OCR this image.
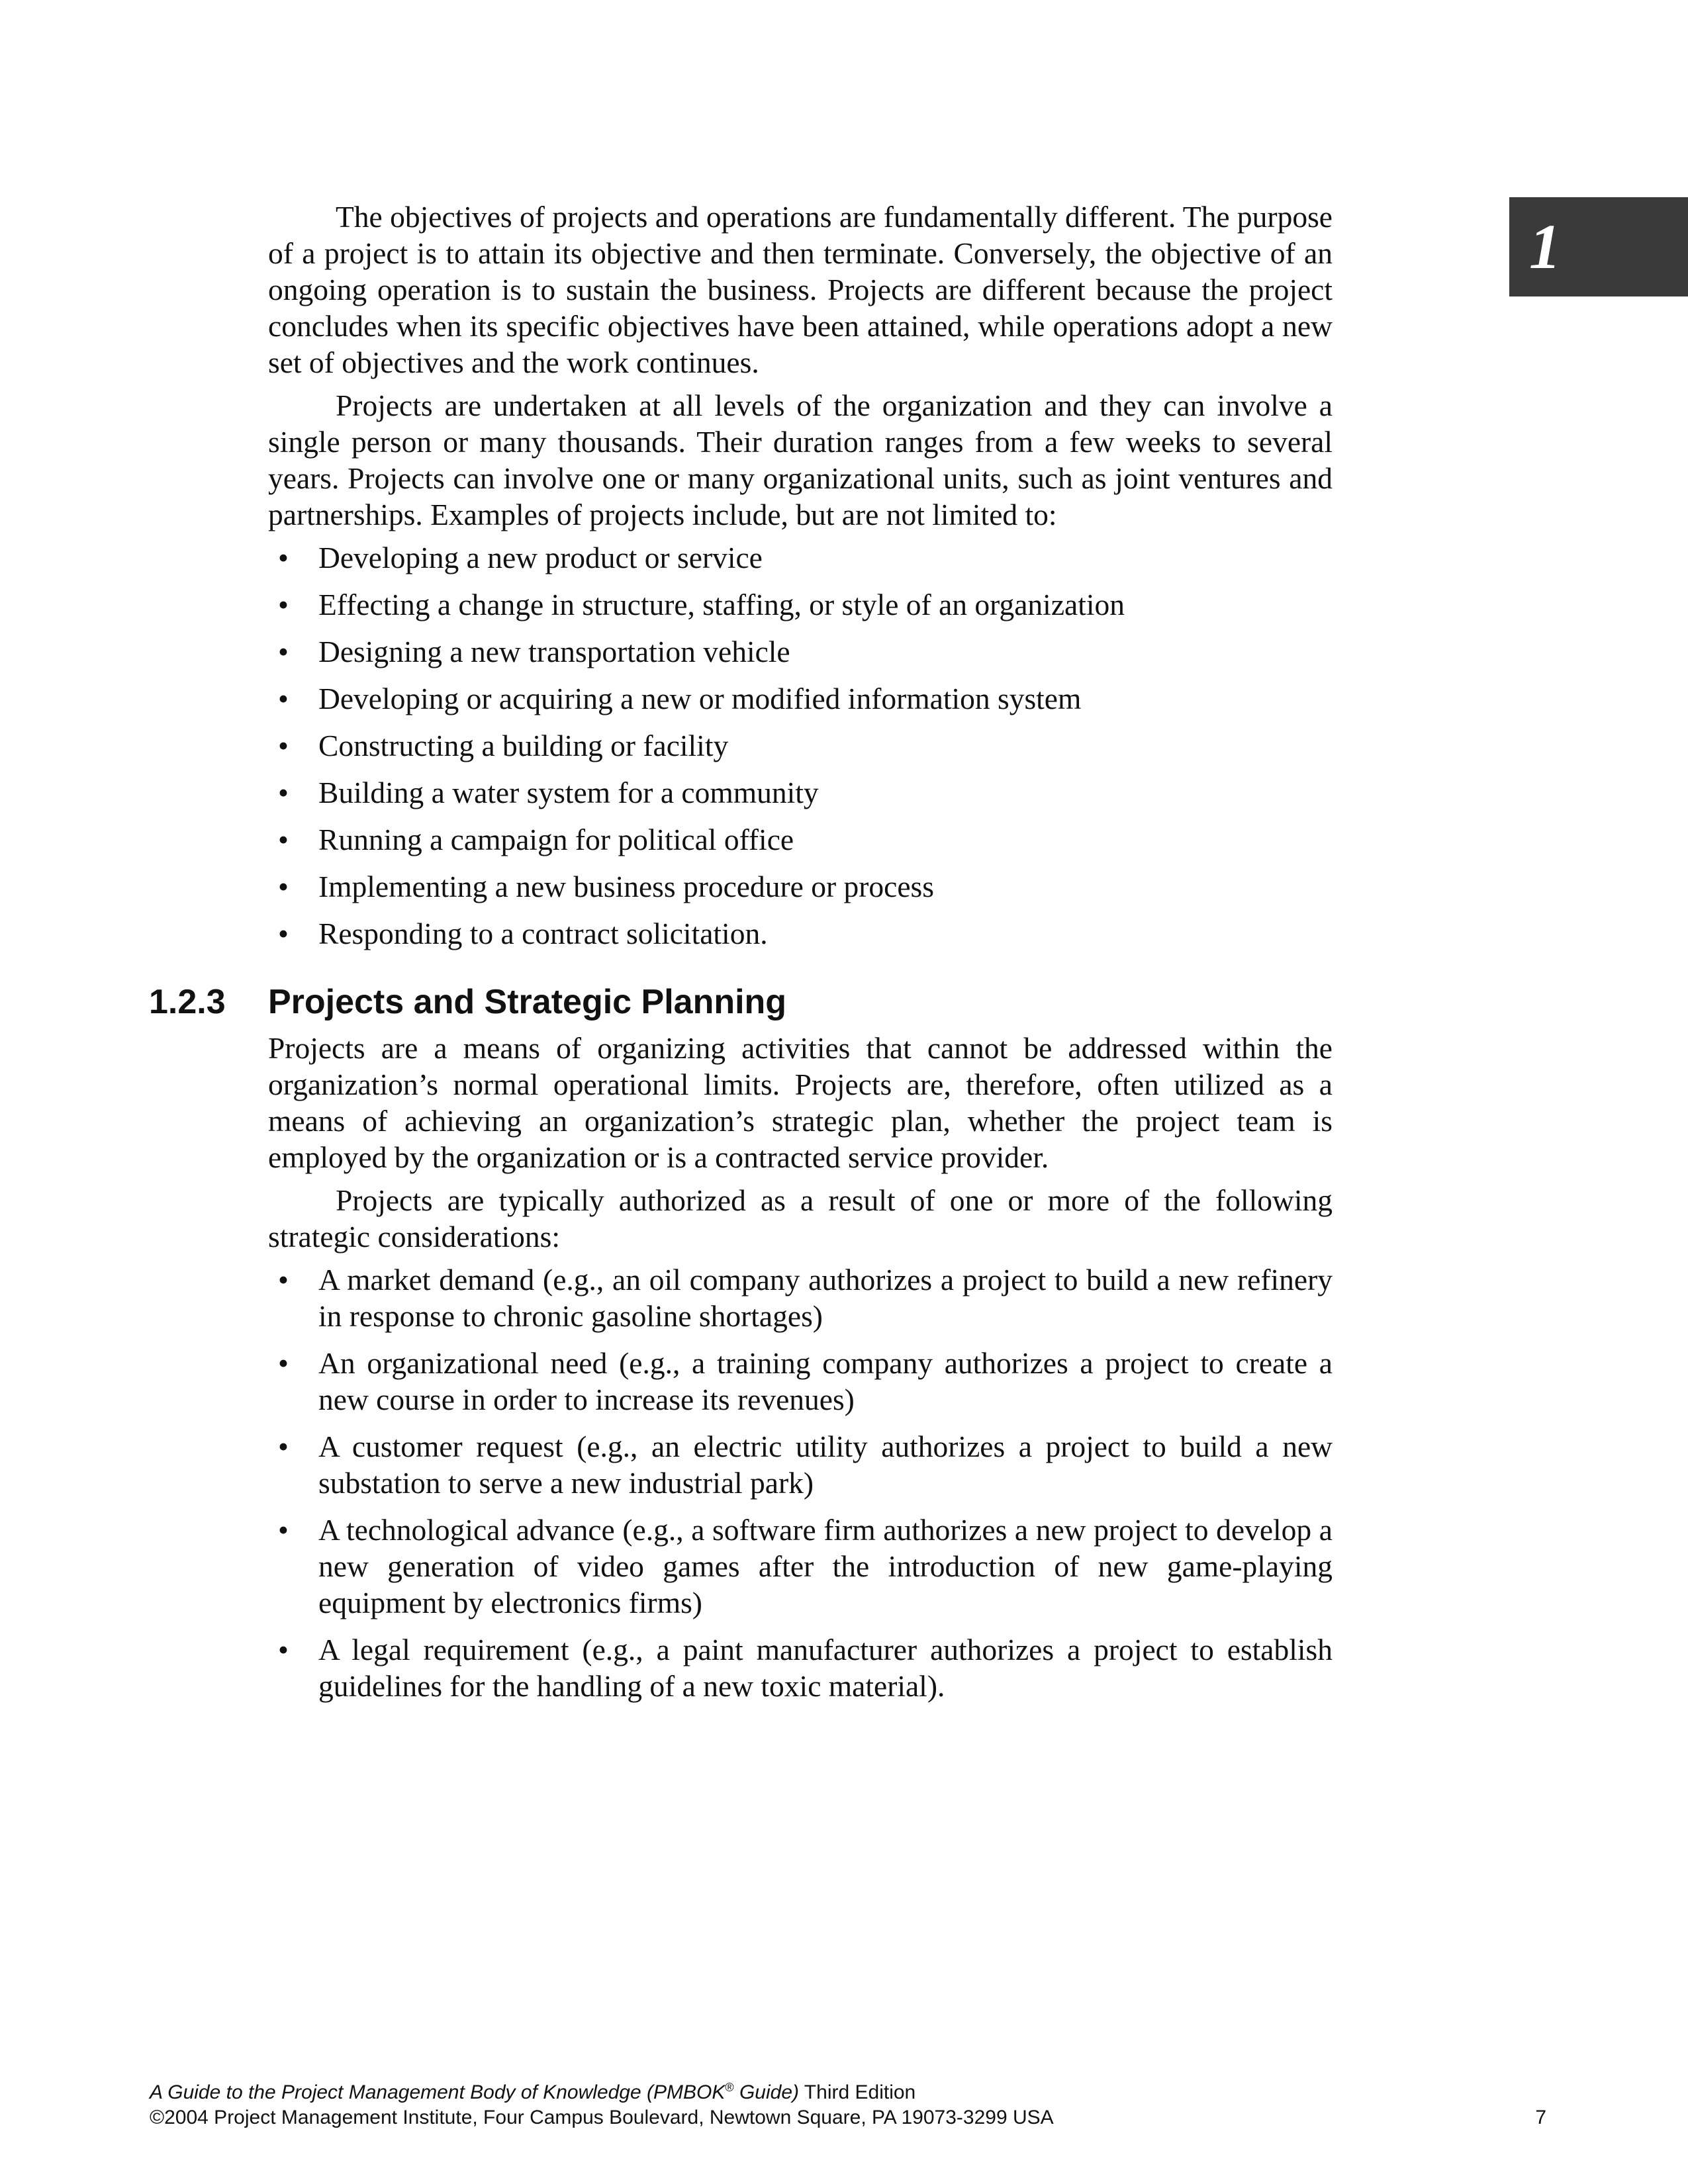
1

The objectives of projects and operations are fundamentally different. The purpose of a project is to attain its objective and then terminate. Conversely, the objective of an ongoing operation is to sustain the business. Projects are different because the project concludes when its specific objectives have been attained, while operations adopt a new set of objectives and the work continues.

Projects are undertaken at all levels of the organization and they can involve a single person or many thousands. Their duration ranges from a few weeks to several years. Projects can involve one or many organizational units, such as joint ventures and partnerships. Examples of projects include, but are not limited to:

• Developing a new product or service
• Effecting a change in structure, staffing, or style of an organization
• Designing a new transportation vehicle
• Developing or acquiring a new or modified information system
• Constructing a building or facility
• Building a water system for a community
• Running a campaign for political office
• Implementing a new business procedure or process
• Responding to a contract solicitation.
1.2.3 Projects and Strategic Planning

Projects are a means of organizing activities that cannot be addressed within the organization’s normal operational limits. Projects are, therefore, often utilized as a means of achieving an organization’s strategic plan, whether the project team is employed by the organization or is a contracted service provider.

Projects are typically authorized as a result of one or more of the following strategic considerations:

• A market demand (e.g., an oil company authorizes a project to build a new refinery in response to chronic gasoline shortages)
• An organizational need (e.g., a training company authorizes a project to create a new course in order to increase its revenues)
• A customer request (e.g., an electric utility authorizes a project to build a new substation to serve a new industrial park)
• A technological advance (e.g., a software firm authorizes a new project to develop a new generation of video games after the introduction of new game-playing equipment by electronics firms)
• A legal requirement (e.g., a paint manufacturer authorizes a project to establish guidelines for the handling of a new toxic material).
A Guide to the Project Management Body of Knowledge (PMBOK® Guide) Third Edition
©2004 Project Management Institute, Four Campus Boulevard, Newtown Square, PA 19073-3299 USA	7
